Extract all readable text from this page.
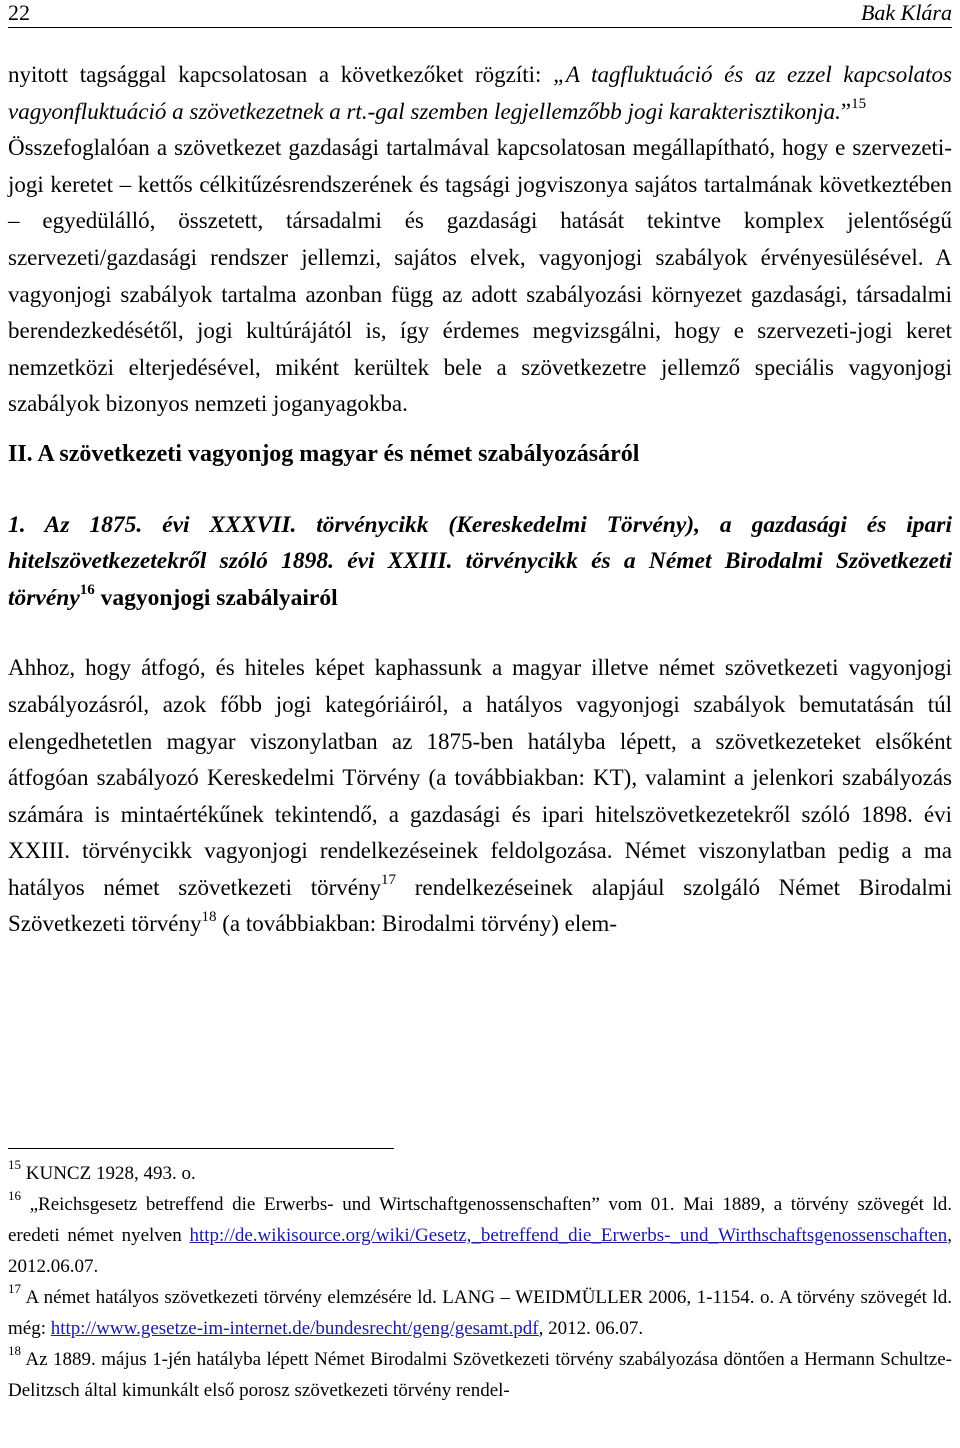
22	Bak Klára

nyitott tagsággal kapcsolatosan a következőket rögzíti: „A tagfluktuáció és az ezzel kapcsolatos vagyonfluktuáció a szövetkezetnek a rt.-gal szemben legjellemzőbb jogi karakterisztikonja.”$^{15}$

Összefoglalóan a szövetkezet gazdasági tartalmával kapcsolatosan megállapítható, hogy e szervezeti-jogi keretet – kettős célkitűzésrendszerének és tagsági jogviszonya sajátos tartalmának következtében – egyedülálló, összetett, társadalmi és gazdasági hatását tekintve komplex jelentőségű szervezeti/gazdasági rendszer jellemzi, sajátos elvek, vagyonjogi szabályok érvényesülésével. A vagyonjogi szabályok tartalma azonban függ az adott szabályozási környezet gazdasági, társadalmi berendezkedésétől, jogi kultúrájától is, így érdemes megvizsgálni, hogy e szervezeti-jogi keret nemzetközi elterjedésével, miként kerültek bele a szövetkezetre jellemző speciális vagyonjogi szabályok bizonyos nemzeti joganyagokba.

II. A szövetkezeti vagyonjog magyar és német szabályozásáról

1. Az 1875. évi XXXVII. törvénycikk (Kereskedelmi Törvény), a gazdasági és ipari hitelszövetkezetekről szóló 1898. évi XXIII. törvénycikk és a Német Birodalmi Szövetkezeti törvény$^{16}$ vagyonjogi szabályairól

Ahhoz, hogy átfogó, és hiteles képet kaphassunk a magyar illetve német szövetkezeti vagyonjogi szabályozásról, azok főbb jogi kategóriáiról, a hatályos vagyonjogi szabályok bemutatásán túl elengedhetetlen magyar viszonylatban az 1875-ben hatályba lépett, a szövetkezeteket elsőként átfogóan szabályozó Kereskedelmi Törvény (a továbbiakban: KT), valamint a jelenkori szabályozás számára is mintaértékűnek tekintendő, a gazdasági és ipari hitelszövetkezetekről szóló 1898. évi XXIII. törvénycikk vagyonjogi rendelkezéseinek feldolgozása. Német viszonylatban pedig a ma hatályos német szövetkezeti törvény$^{17}$ rendelkezéseinek alapjául szolgáló Német Birodalmi Szövetkezeti törvény$^{18}$ (a továbbiakban: Birodalmi törvény) elem-

$^{15}$ KUNCZ 1928, 493. o.

$^{16}$ „Reichsgesetz betreffend die Erwerbs- und Wirtschaftgenossenschaften” vom 01. Mai 1889, a törvény szövegét ld. eredeti német nyelven http://de.wikisource.org/wiki/Gesetz,_betreffend_die_Erwerbs-_und_Wirthschaftsgenossenschaften, 2012.06.07.

$^{17}$ A német hatályos szövetkezeti törvény elemzésére ld. LANG – WEIDMÜLLER 2006, 1-1154. o. A törvény szövegét ld. még: http://www.gesetze-im-internet.de/bundesrecht/geng/gesamt.pdf, 2012. 06.07.

$^{18}$ Az 1889. május 1-jén hatályba lépett Német Birodalmi Szövetkezeti törvény szabályozása döntően a Hermann Schultze-Delitzsch által kimunkált első porosz szövetkezeti törvény rendel-
